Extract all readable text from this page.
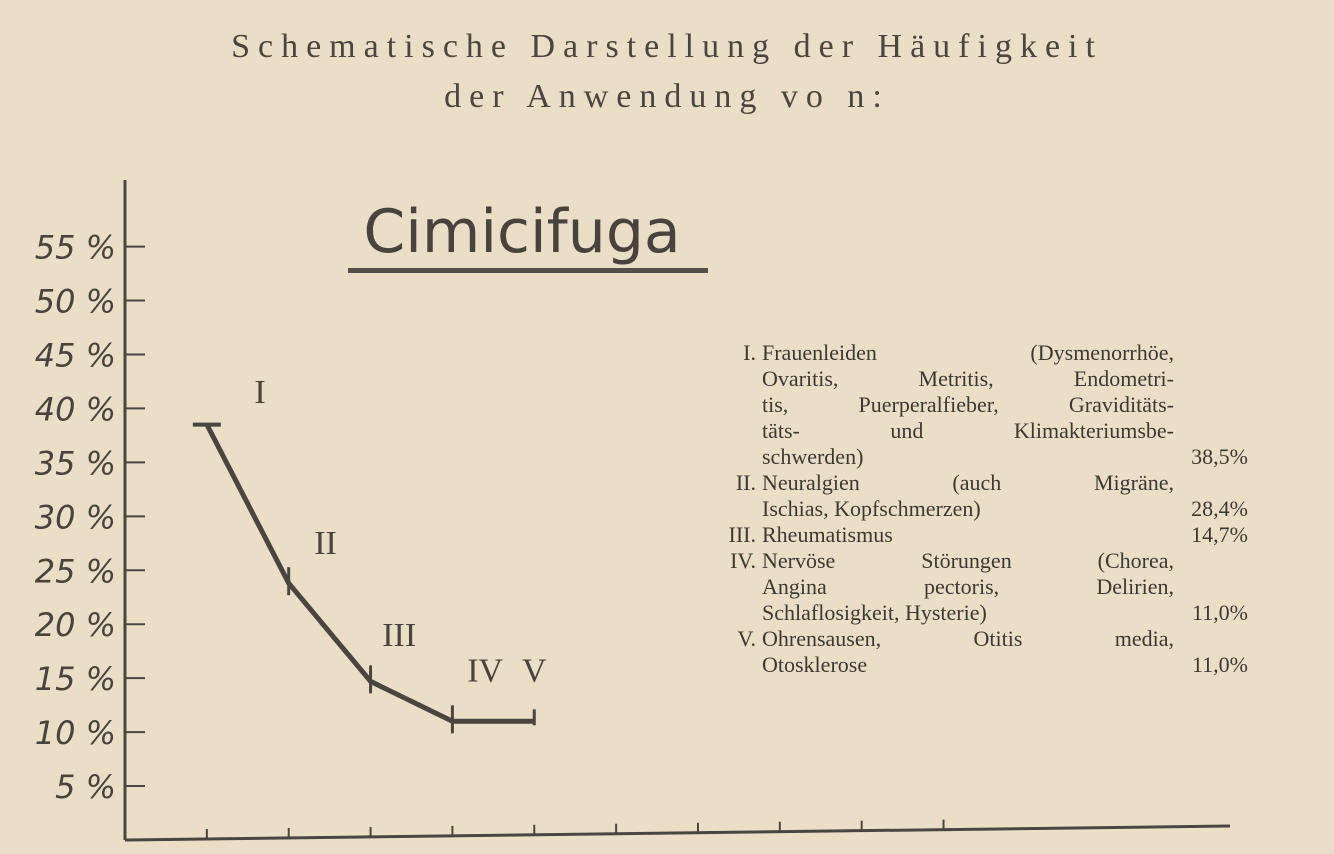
Schematische Darstellung der Häufigkeit
der Anwendung vo n:
55 %
50 %
45 %
40 %
35 %
30 %
25 %
20 %
15 %
10 %
5 %
I
II
III
IV V
Cimicifuga
I. Frauenleiden (Dysmenorrhöe,
Ovaritis, Metritis, Endometri-
tis, Puerperalfieber, Graviditäts-
täts- und Klimakteriumsbe-
schwerden)	38,5%
II. Neuralgien (auch Migräne,
Ischias, Kopfschmerzen)	28,4%
III. Rheumatismus	14,7%
IV. Nervöse Störungen (Chorea,
Angina pectoris, Delirien,
Schlaflosigkeit, Hysterie)	11,0%
V. Ohrensausen, Otitis media,
Otosklerose	11,0%
